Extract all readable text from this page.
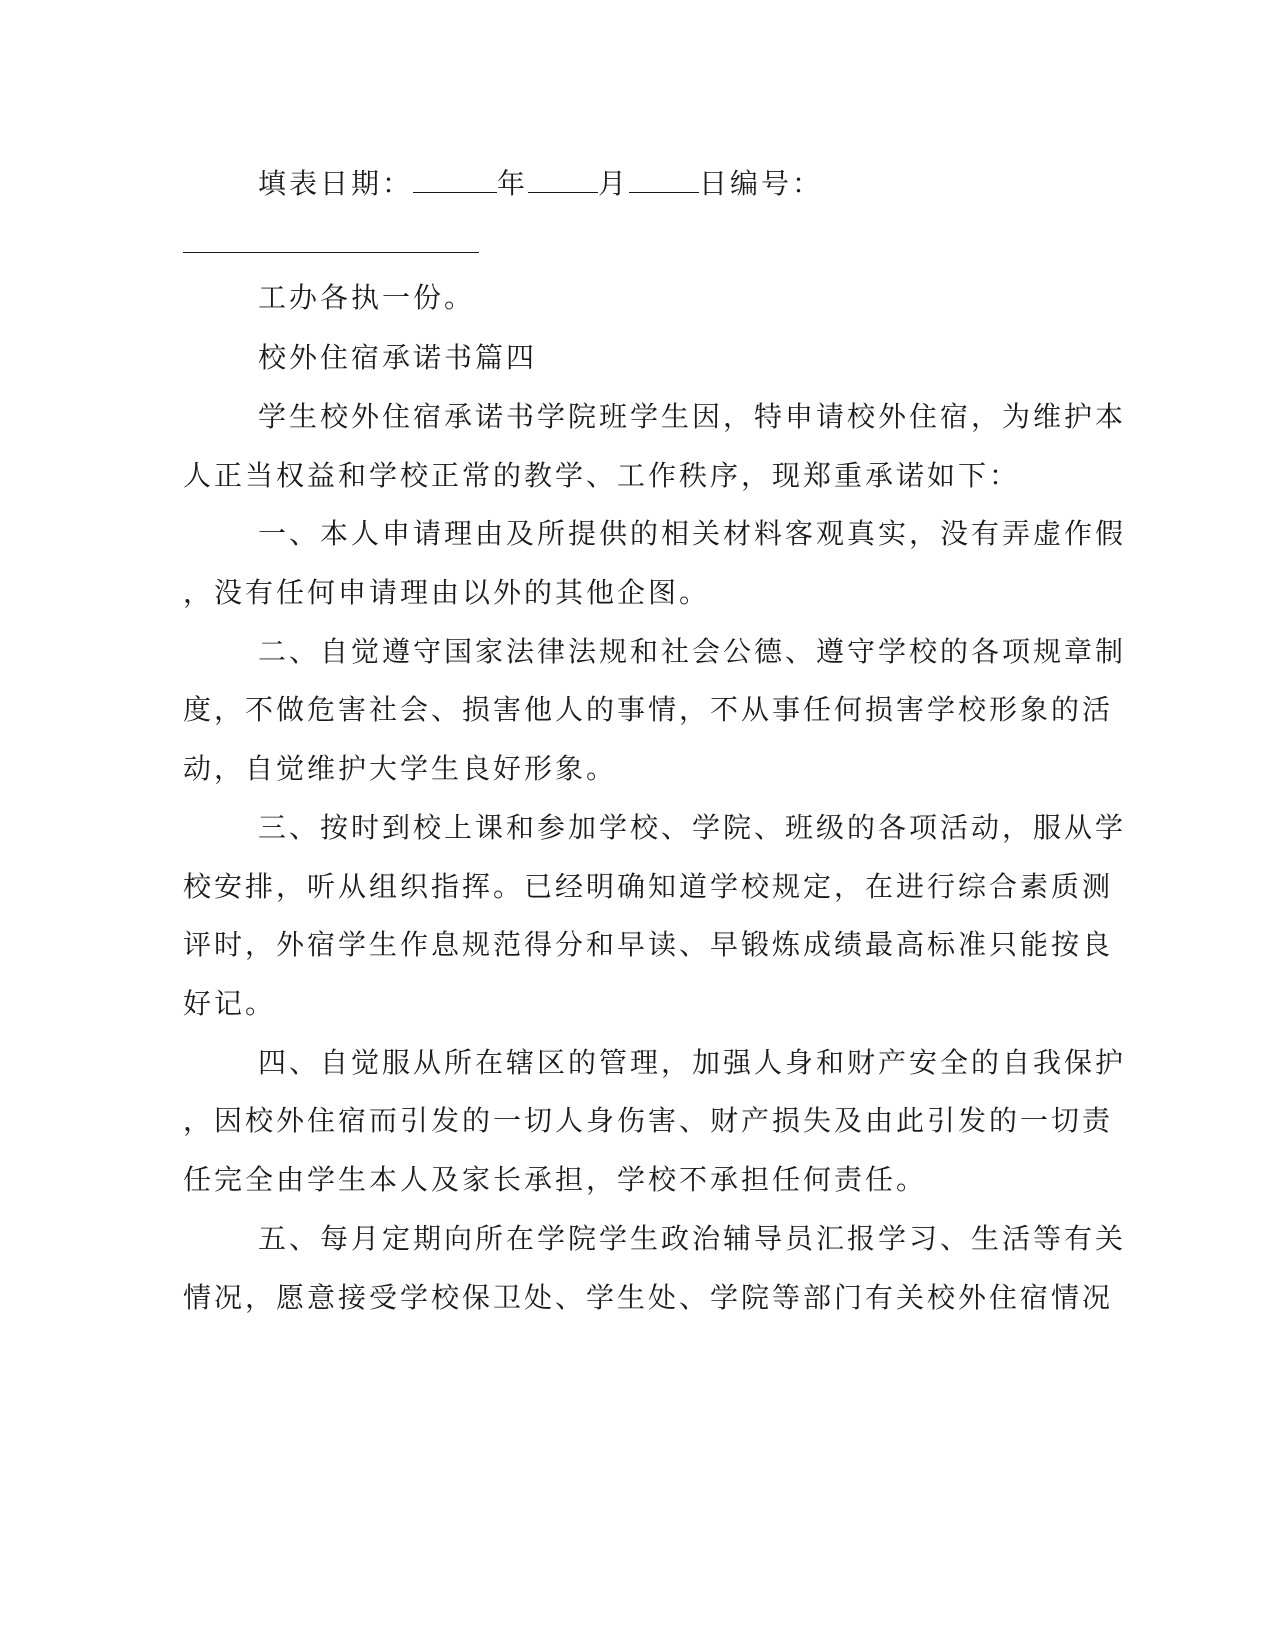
填表日期：	年	月	日编号：
工办各执一份。
校外住宿承诺书篇四
学生校外住宿承诺书学院班学生因，特申请校外住宿，为维护本
人正当权益和学校正常的教学、工作秩序，现郑重承诺如下：
一、本人申请理由及所提供的相关材料客观真实，没有弄虚作假
，没有任何申请理由以外的其他企图。
二、自觉遵守国家法律法规和社会公德、遵守学校的各项规章制
度，不做危害社会、损害他人的事情，不从事任何损害学校形象的活
动，自觉维护大学生良好形象。
三、按时到校上课和参加学校、学院、班级的各项活动，服从学
校安排，听从组织指挥。已经明确知道学校规定，在进行综合素质测
评时，外宿学生作息规范得分和早读、早锻炼成绩最高标准只能按良
好记。
四、自觉服从所在辖区的管理，加强人身和财产安全的自我保护
，因校外住宿而引发的一切人身伤害、财产损失及由此引发的一切责
任完全由学生本人及家长承担，学校不承担任何责任。
五、每月定期向所在学院学生政治辅导员汇报学习、生活等有关
情况，愿意接受学校保卫处、学生处、学院等部门有关校外住宿情况
